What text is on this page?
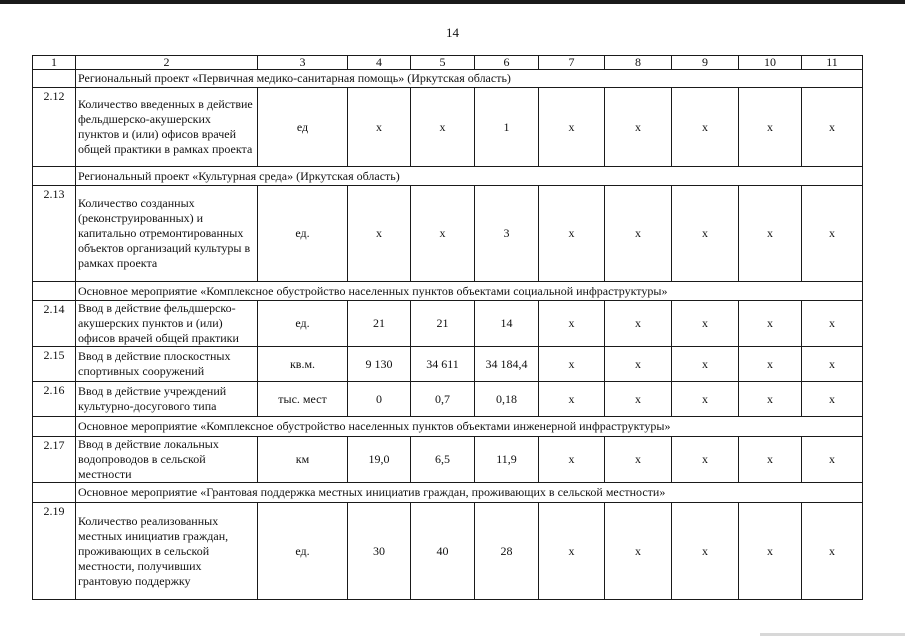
14
1	2	3	4	5	6	7	8	9	10	11
	Региональный проект «Первичная медико-санитарная помощь» (Иркутская область)									
2.12	Количество введенных в действие фельдшерско-акушерских пунктов и (или) офисов врачей общей практики в рамках проекта	ед	х	х	1	х	х	х	х	х
	Региональный проект «Культурная среда» (Иркутская область)									
2.13	Количество созданных (реконструированных) и капитально отремонтированных объектов организаций культуры в рамках проекта	ед.	х	х	3	х	х	х	х	х
	Основное мероприятие «Комплексное обустройство населенных пунктов объектами социальной инфраструктуры»									
2.14	Ввод в действие фельдшерско-акушерских пунктов и (или) офисов врачей общей практики	ед.	21	21	14	х	х	х	х	х
2.15	Ввод в действие плоскостных спортивных сооружений	кв.м.	9 130	34 611	34 184,4	х	х	х	х	х
2.16	Ввод в действие учреждений культурно-досугового типа	тыс. мест	0	0,7	0,18	х	х	х	х	х
	Основное мероприятие «Комплексное обустройство населенных пунктов объектами инженерной инфраструктуры»									
2.17	Ввод в действие локальных водопроводов в сельской местности	км	19,0	6,5	11,9	х	х	х	х	х
	Основное мероприятие «Грантовая поддержка местных инициатив граждан, проживающих в сельской местности»									
2.19	Количество реализованных местных инициатив граждан, проживающих в сельской местности, получивших грантовую поддержку	ед.	30	40	28	х	х	х	х	х
